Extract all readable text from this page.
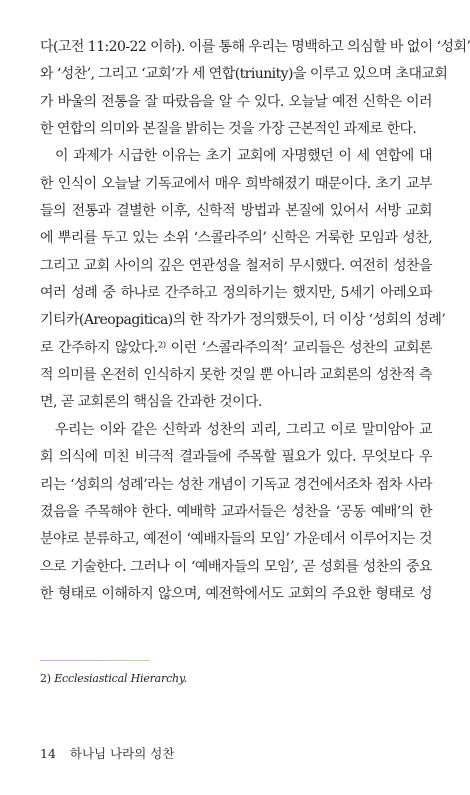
다(고전 11:20-22 이하). 이를 통해 우리는 명백하고 의심할 바 없이 ‘성회’
와 ‘성찬’, 그리고 ‘교회’가 세 연합(triunity)을 이루고 있으며 초대교회
가 바울의 전통을 잘 따랐음을 알 수 있다. 오늘날 예전 신학은 이러
한 연합의 의미와 본질을 밝히는 것을 가장 근본적인 과제로 한다.
이 과제가 시급한 이유는 초기 교회에 자명했던 이 세 연합에 대
한 인식이 오늘날 기독교에서 매우 희박해졌기 때문이다. 초기 교부
들의 전통과 결별한 이후, 신학적 방법과 본질에 있어서 서방 교회
에 뿌리를 두고 있는 소위 ‘스콜라주의’ 신학은 거룩한 모임과 성찬,
그리고 교회 사이의 깊은 연관성을 철저히 무시했다. 여전히 성찬을
여러 성례 중 하나로 간주하고 정의하기는 했지만, 5세기 아레오파
기티카(Areopagitica)의 한 작가가 정의했듯이, 더 이상 ‘성회의 성례’
로 간주하지 않았다.²⁾ 이런 ‘스콜라주의적’ 교리들은 성찬의 교회론
적 의미를 온전히 인식하지 못한 것일 뿐 아니라 교회론의 성찬적 측
면, 곧 교회론의 핵심을 간과한 것이다.
우리는 이와 같은 신학과 성찬의 괴리, 그리고 이로 말미암아 교
회 의식에 미친 비극적 결과들에 주목할 필요가 있다. 무엇보다 우
리는 ‘성회의 성례’라는 성찬 개념이 기독교 경건에서조차 점차 사라
졌음을 주목해야 한다. 예배학 교과서들은 성찬을 ‘공동 예배’의 한
분야로 분류하고, 예전이 ‘예배자들의 모임’ 가운데서 이루어지는 것
으로 기술한다. 그러나 이 ‘예배자들의 모임’, 곧 성회를 성찬의 중요
한 형태로 이해하지 않으며, 예전학에서도 교회의 주요한 형태로 성
2) Ecclesiastical Hierarchy.
14 하나님 나라의 성찬
